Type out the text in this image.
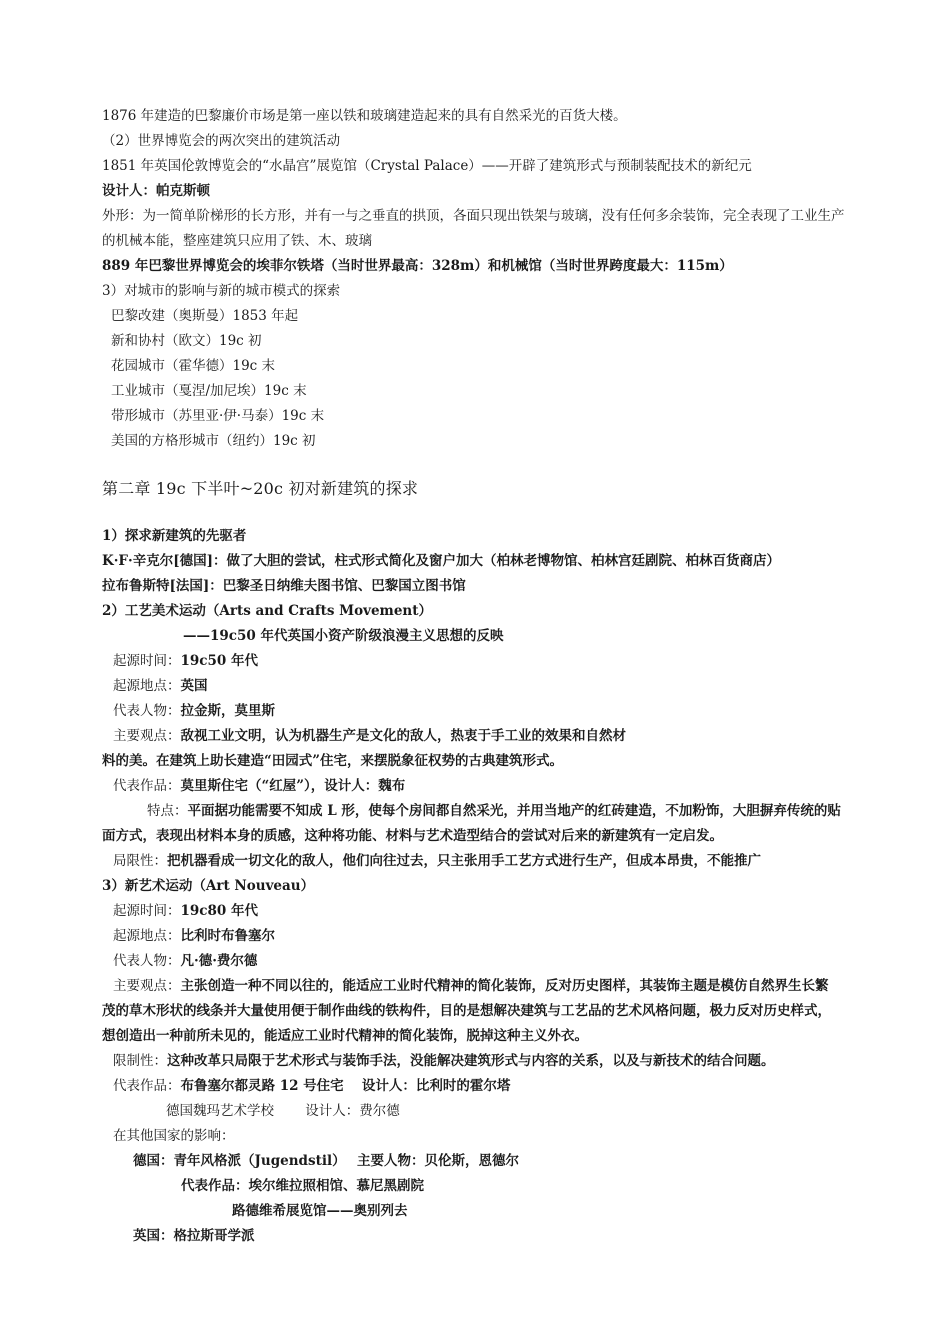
1876 年建造的巴黎廉价市场是第一座以铁和玻璃建造起来的具有自然采光的百货大楼。
（2）世界博览会的两次突出的建筑活动
1851 年英国伦敦博览会的“水晶宫”展览馆（Crystal Palace）——开辟了建筑形式与预制装配技术的新纪元
设计人：帕克斯顿
外形：为一简单阶梯形的长方形，并有一与之垂直的拱顶，各面只现出铁架与玻璃，没有任何多余装饰，完全表现了工业生产
的机械本能，整座建筑只应用了铁、木、玻璃
889 年巴黎世界博览会的埃菲尔铁塔（当时世界最高：328m）和机械馆（当时世界跨度最大：115m）
3）对城市的影响与新的城市模式的探索
巴黎改建（奥斯曼）1853 年起
新和协村（欧文）19c 初
花园城市（霍华德）19c 末
工业城市（戛涅/加尼埃）19c 末
带形城市（苏里亚·伊·马泰）19c 末
美国的方格形城市（纽约）19c 初
第二章 19c 下半叶~20c 初对新建筑的探求
1）探求新建筑的先驱者
K·F·辛克尔[德国]：做了大胆的尝试，柱式形式简化及窗户加大（柏林老博物馆、柏林宫廷剧院、柏林百货商店）
拉布鲁斯特[法国]：巴黎圣日纳维夫图书馆、巴黎国立图书馆
2）工艺美术运动（Arts and Crafts Movement）
——19c50 年代英国小资产阶级浪漫主义思想的反映
起源时间：19c50 年代
起源地点：英国
代表人物：拉金斯，莫里斯
主要观点：敌视工业文明，认为机器生产是文化的敌人，热衷于手工业的效果和自然材
料的美。在建筑上助长建造“田园式”住宅，来摆脱象征权势的古典建筑形式。
代表作品：莫里斯住宅（“红屋”），设计人：魏布
特点：平面据功能需要不知成 L 形，使每个房间都自然采光，并用当地产的红砖建造，不加粉饰，大胆摒弃传统的贴
面方式，表现出材料本身的质感，这种将功能、材料与艺术造型结合的尝试对后来的新建筑有一定启发。
局限性：把机器看成一切文化的敌人，他们向往过去，只主张用手工艺方式进行生产，但成本昂贵，不能推广
3）新艺术运动（Art Nouveau）
起源时间：19c80 年代
起源地点：比利时布鲁塞尔
代表人物：凡·德·费尔德
主要观点：主张创造一种不同以往的，能适应工业时代精神的简化装饰，反对历史图样，其装饰主题是模仿自然界生长繁
茂的草木形状的线条并大量使用便于制作曲线的铁构件，目的是想解决建筑与工艺品的艺术风格问题，极力反对历史样式，
想创造出一种前所未见的，能适应工业时代精神的简化装饰，脱掉这种主义外衣。
限制性：这种改革只局限于艺术形式与装饰手法，没能解决建筑形式与内容的关系，以及与新技术的结合问题。
代表作品：布鲁塞尔都灵路 12 号住宅　 设计人：比利时的霍尔塔
德国魏玛艺术学校　　 设计人：费尔德
在其他国家的影响：
德国：青年风格派（Jugendstil）　 主要人物：贝伦斯，恩德尔
代表作品：埃尔维拉照相馆、慕尼黑剧院
路德维希展览馆——奥别列去
英国：格拉斯哥学派
